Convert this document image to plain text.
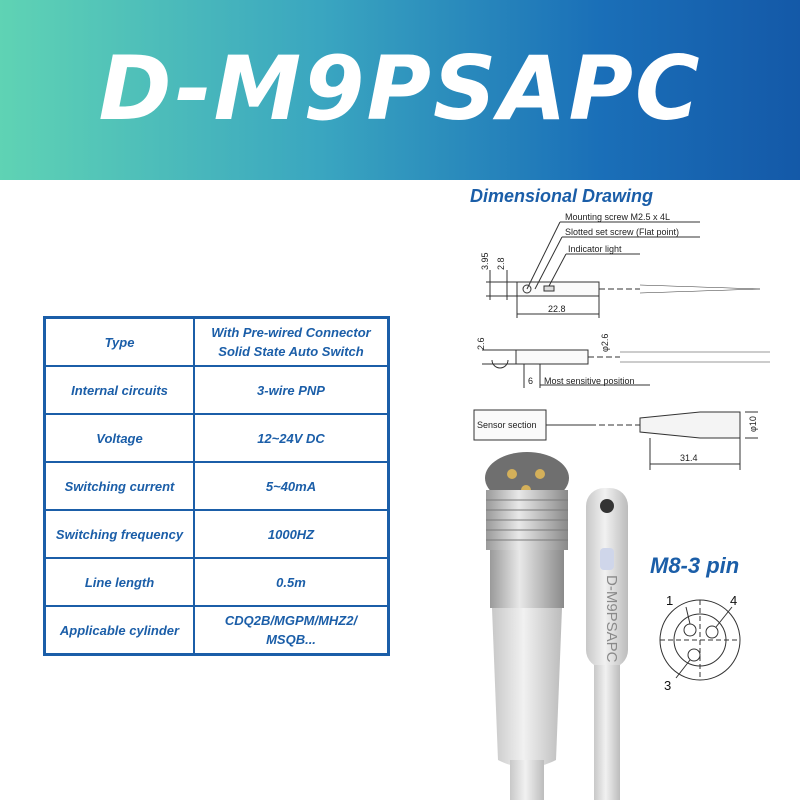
D-M9PSAPC
Type	With Pre-wired Connector
Solid State Auto Switch

Internal circuits	3-wire PNP

Voltage	12~24V DC

Switching current	5~40mA

Switching frequency	1000HZ

Line length	0.5m

Applicable cylinder	CDQ2B/MGPM/MHZ2/
MSQB...
Dimensional Drawing
Mounting screw M2.5 x 4L
Slotted set screw (Flat point)
Indicator light
3.95 2.8
22.8
2.6	φ2.6
6 Most sensitive position
Sensor section	φ10
31.4
D-M9PSAPC
M8-3 pin
1	4
3
